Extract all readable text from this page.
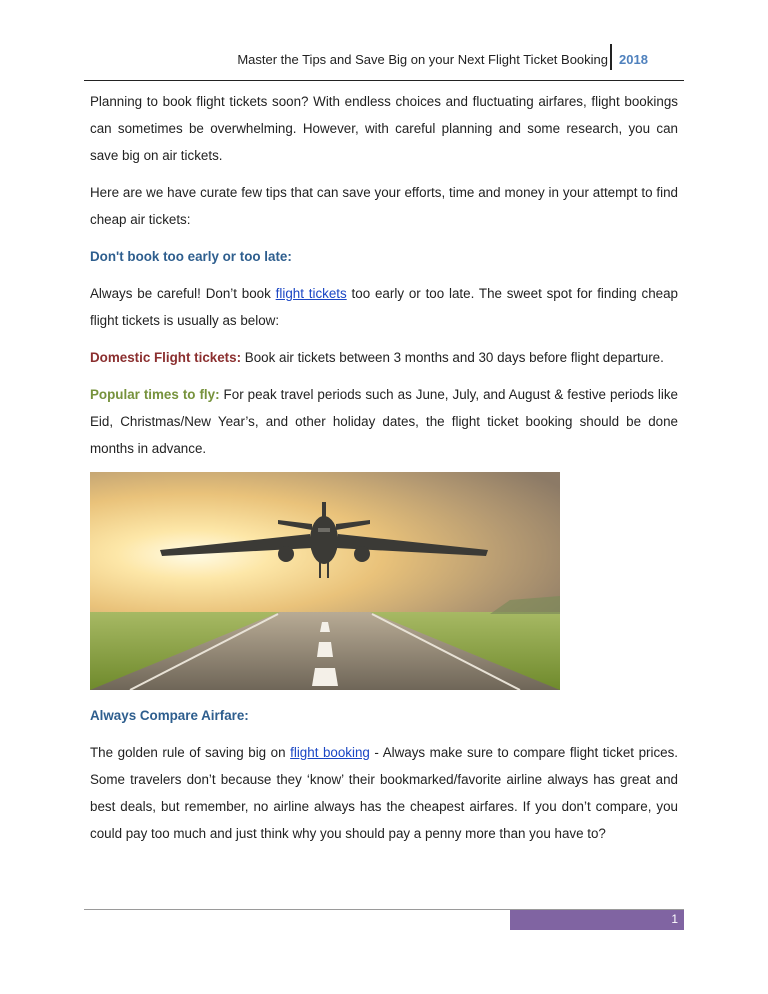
Master the Tips and Save Big on your Next Flight Ticket Booking 2018

Planning to book flight tickets soon? With endless choices and fluctuating airfares, flight bookings can sometimes be overwhelming. However, with careful planning and some research, you can save big on air tickets.

Here are we have curate few tips that can save your efforts, time and money in your attempt to find cheap air tickets:

Don't book too early or too late:

Always be careful! Don’t book flight tickets too early or too late. The sweet spot for finding cheap flight tickets is usually as below:

Domestic Flight tickets: Book air tickets between 3 months and 30 days before flight departure.

Popular times to fly: For peak travel periods such as June, July, and August & festive periods like Eid, Christmas/New Year’s, and other holiday dates, the flight ticket booking should be done months in advance.

Always Compare Airfare:

The golden rule of saving big on flight booking - Always make sure to compare flight ticket prices. Some travelers don’t because they ‘know’ their bookmarked/favorite airline always has great and best deals, but remember, no airline always has the cheapest airfares. If you don’t compare, you could pay too much and just think why you should pay a penny more than you have to?

1
